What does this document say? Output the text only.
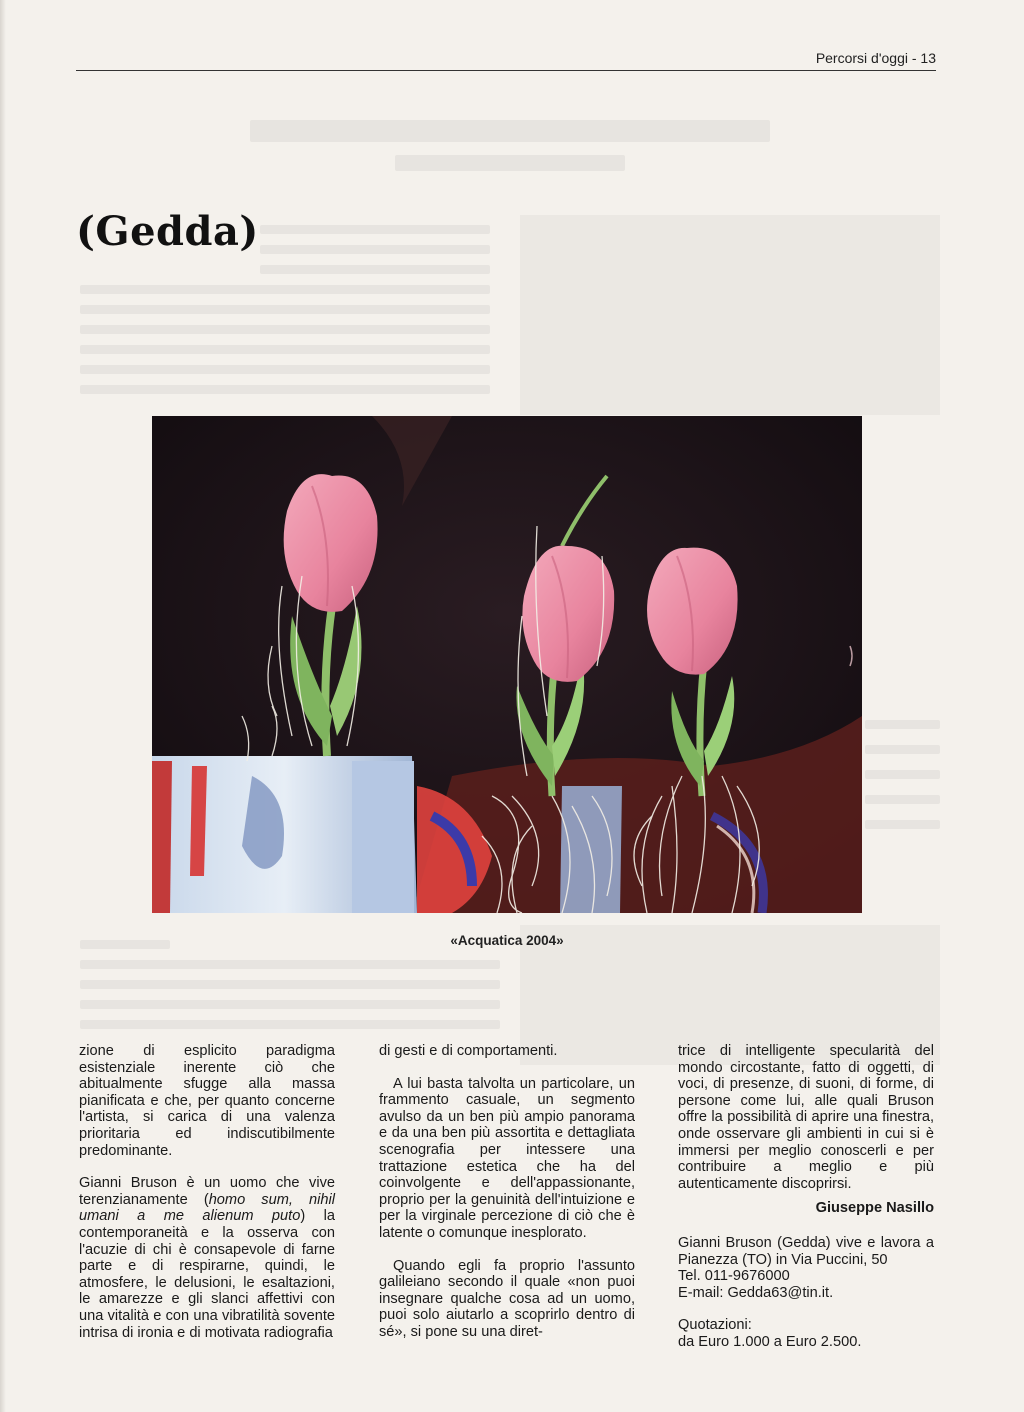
Percorsi d'oggi - 13
(Gedda)
«Acquatica 2004»

zione di esplicito paradigma esistenziale inerente ciò che abitualmente sfugge alla massa pianificata e che, per quanto concerne l'artista, si carica di una valenza prioritaria ed indiscutibilmente predominante.

Gianni Bruson è un uomo che vive terenzianamente (homo sum, nihil umani a me alienum puto) la contemporaneità e la osserva con l'acuzie di chi è consapevole di farne parte e di respirarne, quindi, le atmosfere, le delusioni, le esaltazioni, le amarezze e gli slanci affettivi con una vitalità e con una vibratilità sovente intrisa di ironia e di motivata radiografia

di gesti e di comportamenti.

A lui basta talvolta un particolare, un frammento casuale, un segmento avulso da un ben più ampio panorama e da una ben più assortita e dettagliata scenografia per intessere una trattazione estetica che ha del coinvolgente e dell'appassionante, proprio per la genuinità dell'intuizione e per la virginale percezione di ciò che è latente o comunque inesplorato.

Quando egli fa proprio l'assunto galileiano secondo il quale «non puoi insegnare qualche cosa ad un uomo, puoi solo aiutarlo a scoprirlo dentro di sé», si pone su una diret-

trice di intelligente specularità del mondo circostante, fatto di oggetti, di voci, di presenze, di suoni, di forme, di persone come lui, alle quali Bruson offre la possibilità di aprire una finestra, onde osservare gli ambienti in cui si è immersi per meglio conoscerli e per contribuire a meglio e più autenticamente discoprirsi.

Giuseppe Nasillo

Gianni Bruson (Gedda) vive e lavora a Pianezza (TO) in Via Puccini, 50
Tel. 011-9676000
E-mail: Gedda63@tin.it.

Quotazioni:
da Euro 1.000 a Euro 2.500.
